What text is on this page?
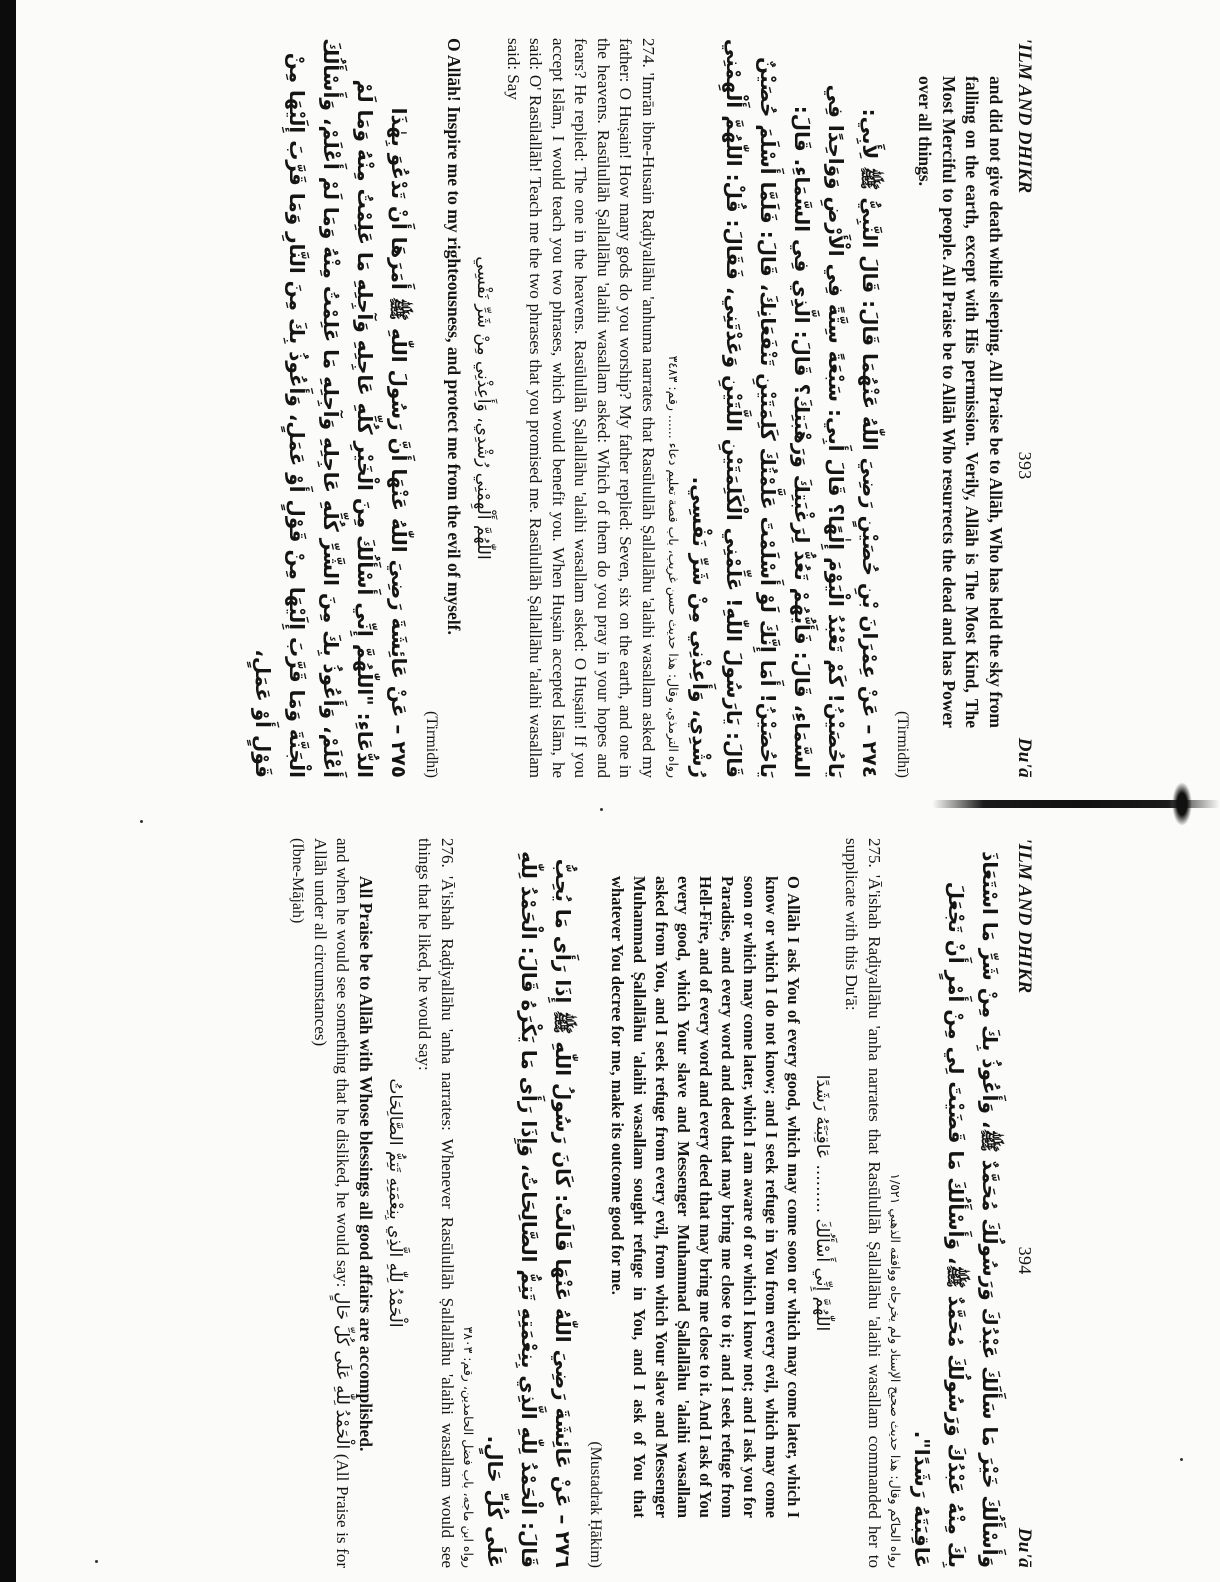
'ILM AND DHIKR
393
Du'ā

and did not give death while sleeping. All Praise be to Allāh, Who has held the sky from falling on the earth, except with His permission. Verily, Allāh is The Most Kind, The Most Merciful to people. All Praise be to Allāh Who resurrects the dead and has Power over all things.

(Tirmidhī)

٢٧٤ – عَنْ عِمْرَانَ بْنِ حُصَيْنٍ رَضِيَ اللّٰهُ عَنْهُمَا قَالَ: قَالَ النَّبِيُّ ﷺ لِأَبِي: يَاحُصَيْنُ! كَمْ تَعْبُدُ الْيَوْمَ إِلٰهًا؟ قَالَ أَبِي: سَبْعَةً سِتَّةً فِي الْأَرْضِ وَوَاحِدًا فِي السَّمَاءِ، قَالَ: فَأَيُّهُمْ تَعُدُّ لِرَغْبَتِكَ وَرَهْبَتِكَ؟ قَالَ: الَّذِي فِي السَّمَاءِ. قَالَ: يَاحُصَيْنُ! أَمَا إِنَّكَ لَوْ أَسْلَمْتَ عَلَّمْتُكَ كَلِمَتَيْنِ تَنْفَعَانِكَ، قَالَ: فَلَمَّا أَسْلَمَ حُصَيْنٌ قَالَ: يَارَسُولَ اللّٰهِ! عَلِّمْنِي الْكَلِمَتَيْنِ اللَّتَيْنِ وَعَدْتَنِي، فَقَالَ: قُلْ: اللّٰهُمَّ أَلْهِمْنِي رُشْدِي، وَأَعِذْنِي مِنْ شَرِّ نَفْسِي.

رواه الترمذي، وقال: هذا حديث حسن غريب، باب قصة تعليم دعاء ...... رقم: ٣٤٨٣

274. 'Imrān ibne-Husain Raḍiyallāhu 'anhuma narrates that Rasūlullāh Ṣallallāhu 'alaihi wasallam asked my father: O Huṣain! How many gods do you worship? My father replied: Seven, six on the earth, and one in the heavens. Rasūlullāh Ṣallallāhu 'alaihi wasallam asked: Which of them do you pray in your hopes and fears? He replied: The one in the heavens. Rasūlullāh Ṣallallāhu 'alaihi wasallam asked: O Huṣain! If you accept Islām, I would teach you two phrases, which would benefit you. When Huṣain accepted Islām, he said: O' Rasūlallāh! Teach me the two phrases that you promised me. Rasūlullāh Ṣallallāhu 'alaihi wasallam said: Say

اللّٰهُمَّ أَلْهِمْنِي رُشْدِي، وَأَعِذْنِي مِنْ شَرِّ نَفْسِي

O Allāh! Inspire me to my righteousness, and protect me from the evil of myself.

(Tirmidhī)

٢٧٥ – عَنْ عَائِشَةَ رَضِيَ اللّٰهُ عَنْهَا أَنَّ رَسُولَ اللّٰهِ ﷺ أَمَرَهَا أَنْ تَدْعُوَ بِهٰذَا الدُّعَاءِ: "اللّٰهُمَّ إِنِّي أَسْأَلُكَ مِنَ الْخَيْرِ كُلِّهِ عَاجِلِهِ وَآجِلِهِ مَا عَلِمْتُ مِنْهُ وَمَا لَمْ أَعْلَمْ، وَأَعُوذُ بِكَ مِنَ الشَّرِّ كُلِّهِ عَاجِلِهِ وَآجِلِهِ مَا عَلِمْتُ مِنْهُ وَمَا لَمْ أَعْلَمْ، وَأَسْأَلُكَ الْجَنَّةَ وَمَا قَرَّبَ إِلَيْهَا مِنْ قَوْلٍ أَوْ عَمَلٍ، وَأَعُوذُ بِكَ مِنَ النَّارِ وَمَا قَرَّبَ إِلَيْهَا مِنْ قَوْلٍ أَوْ عَمَلٍ،

'ILM AND DHIKR
394
Du'ā

وَأَسْأَلُكَ خَيْرَ مَا سَأَلَكَ عَبْدُكَ وَرَسُولُكَ مُحَمَّدٌ ﷺ، وَأَعُوذُ بِكَ مِنْ شَرِّ مَا اسْتَعَاذَ بِكَ مِنْهُ عَبْدُكَ وَرَسُولُكَ مُحَمَّدٌ ﷺ، وَأَسْأَلُكَ مَا قَضَيْتَ لِي مِنْ أَمْرٍ أَنْ تَجْعَلَ عَاقِبَتَهُ رَشَدًا".

رواه الحاكم وقال: هذا حديث صحيح الإسناد ولم يخرجاه ووافقه الذهبي ١/٥٢١

275. 'Ā'ishah Raḍiyallāhu 'anha narrates that Rasūlullāh Ṣallallāhu 'alaihi wasallam commanded her to supplicate with this Du'ā:

اللّٰهُمَّ إِنِّي أَسْأَلُكَ ......... عَاقِبَتَهُ رَشَدًا

O Allāh I ask You of every good, which may come soon or which may come later, which I know or which I do not know; and I seek refuge in You from every evil, which may come soon or which may come later, which I am aware of or which I know not; and I ask you for Paradise, and every word and deed that may bring me close to it; and I seek refuge from Hell-Fire, and of every word and every deed that may bring me close to it. And I ask of You every good, which Your slave and Messenger Muhammad Ṣallallāhu 'alaihi wasallam asked from You, and I seek refuge from every evil, from which Your slave and Messenger Muhammad Ṣallallāhu 'alaihi wasallam sought refuge in You, and I ask of You that whatever You decree for me, make its outcome good for me.

(Mustadrak Ḥākim)

٢٧٦ – عَنْ عَائِشَةَ رَضِيَ اللّٰهُ عَنْهَا قَالَتْ: كَانَ رَسُولُ اللّٰهِ ﷺ إِذَا رَأَى مَا يُحِبُّ قَالَ: الْحَمْدُ لِلّٰهِ الَّذِي بِنِعْمَتِهِ تَتِمُّ الصَّالِحَاتُ، وَإِذَا رَأَى مَا يَكْرَهُ قَالَ: الْحَمْدُ لِلّٰهِ عَلَى كُلِّ حَالٍ.

رواه ابن ماجه، باب فضل الحامدين، رقم: ٣٨٠٣

276. 'Ā'ishah Raḍiyallāhu 'anha narrates: Whenever Rasūlullāh Ṣallallāhu 'alaihi wasallam would see things that he liked, he would say:

الْحَمْدُ لِلّٰهِ الَّذِي بِنِعْمَتِهِ تَتِمُّ الصَّالِحَاتُ

All Praise be to Allāh with Whose blessings all good affairs are accomplished.

and when he would see something that he disliked, he would say: الْحَمْدُ لِلّٰهِ عَلَى كُلِّ حَالٍ (All Praise is for Allāh under all circumstances)

(Ibne-Mājah)
